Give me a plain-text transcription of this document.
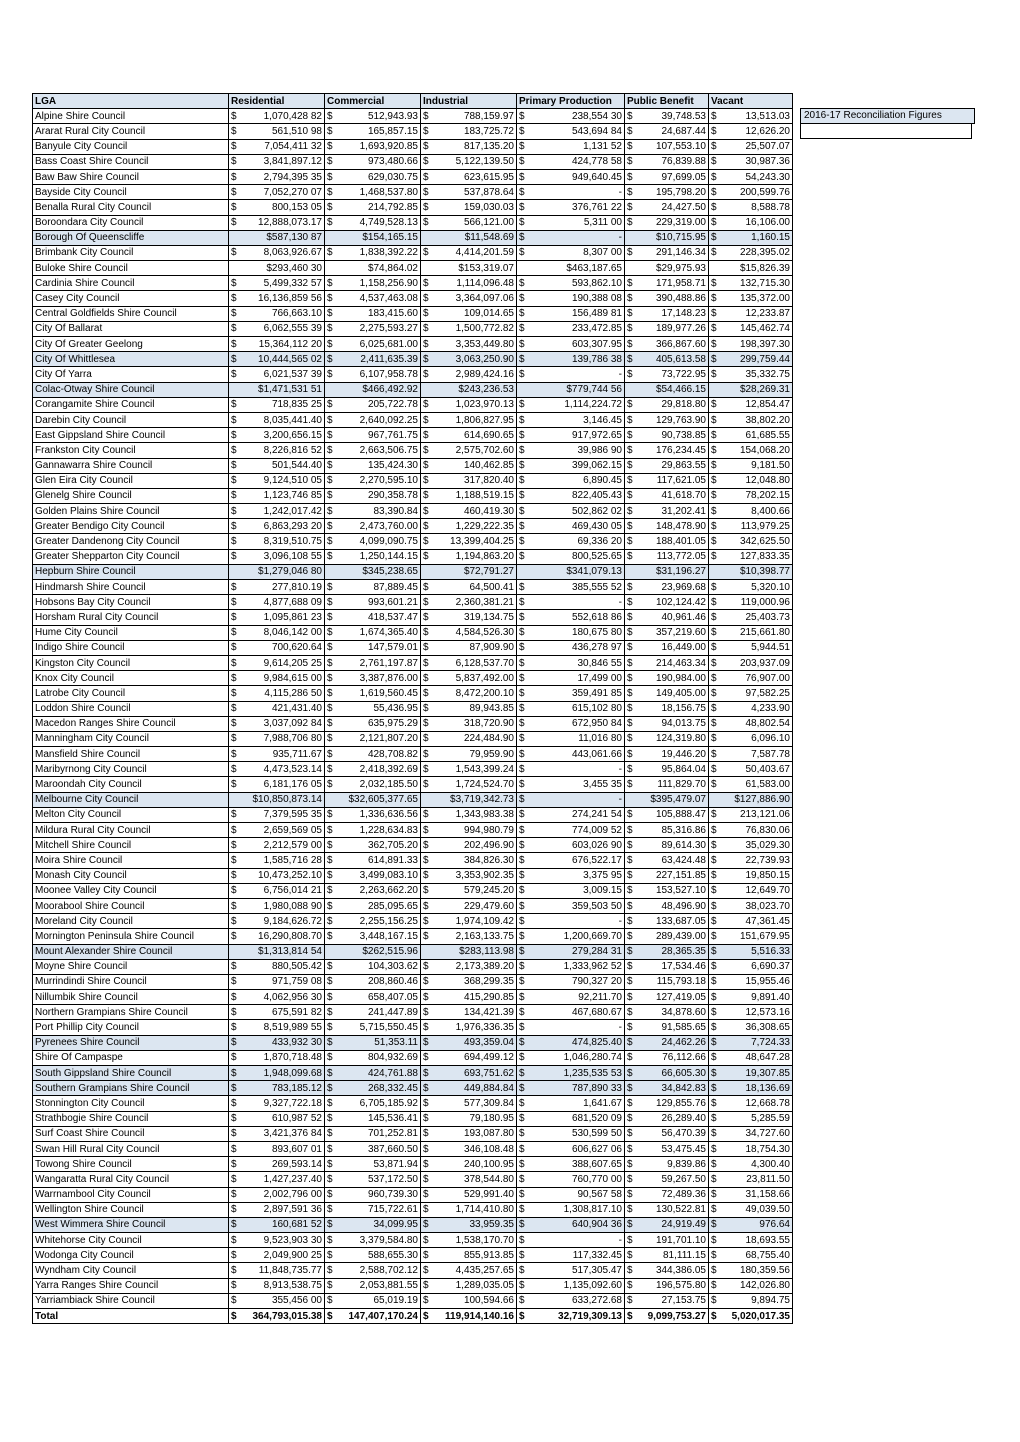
LGA	Residential	Commercial	Industrial	Primary Production	Public Benefit	Vacant
Alpine Shire Council	$ 1,070,428 82	$ 512,943.93	$ 788,159.97	$ 238,554 30	$ 39,748.53	$ 13,513.03

Ararat Rural City Council	$ 561,510 98	$ 165,857.15	$ 183,725.72	$ 543,694 84	$ 24,687.44	$ 12,626.20

Banyule City Council	$ 7,054,411 32	$ 1,693,920.85	$ 817,135.20	$ 1,131 52	$ 107,553.10	$ 25,507.07

Bass Coast Shire Council	$ 3,841,897.12	$ 973,480.66	$ 5,122,139.50	$ 424,778 58	$ 76,839.88	$ 30,987.36

Baw Baw Shire Council	$ 2,794,395 35	$ 629,030.75	$ 623,615.95	$ 949,640.45	$ 97,699.05	$ 54,243.30

Bayside City Council	$ 7,052,270 07	$ 1,468,537.80	$ 537,878.64	$ -	$ 195,798.20	$ 200,599.76

Benalla Rural City Council	$ 800,153 05	$ 214,792.85	$ 159,030.03	$ 376,761 22	$ 24,427.50	$ 8,588.78

Boroondara City Council	$ 12,888,073.17	$ 4,749,528.13	$ 566,121.00	$ 5,311 00	$ 229,319.00	$ 16,106.00

Borough Of Queenscliffe	$587,130 87	$154,165.15	$11,548.69	$ -	$10,715.95	$ 1,160.15

Brimbank City Council	$ 8,063,926.67	$ 1,838,392.22	$ 4,414,201.59	$ 8,307 00	$ 291,146.34	$ 228,395.02

Buloke Shire Council	$293,460 30	$74,864.02	$153,319.07	$463,187.65	$29,975.93	$15,826.39
Cardinia Shire Council	$ 5,499,332 57	$ 1,158,256.90	$ 1,114,096.48	$ 593,862.10	$ 171,958.71	$ 132,715.30

Casey City Council	$ 16,136,859 56	$ 4,537,463.08	$ 3,364,097.06	$ 190,388 08	$ 390,488.86	$ 135,372.00

Central Goldfields Shire Council	$ 766,663.10	$ 183,415.60	$ 109,014.65	$ 156,489 81	$ 17,148.23	$ 12,233.87

City Of Ballarat	$ 6,062,555 39	$ 2,275,593.27	$ 1,500,772.82	$ 233,472.85	$ 189,977.26	$ 145,462.74

City Of Greater Geelong	$ 15,364,112 20	$ 6,025,681.00	$ 3,353,449.80	$ 603,307.95	$ 366,867.60	$ 198,397.30

City Of Whittlesea	$ 10,444,565 02	$ 2,411,635.39	$ 3,063,250.90	$ 139,786 38	$ 405,613.58	$ 299,759.44

City Of Yarra	$ 6,021,537 39	$ 6,107,958.78	$ 2,989,424.16	$ -	$ 73,722.95	$ 35,332.75

Colac-Otway Shire Council	$1,471,531 51	$466,492.92	$243,236.53	$779,744 56	$54,466.15	$28,269.31
Corangamite Shire Council	$ 718,835 25	$ 205,722.78	$ 1,023,970.13	$ 1,114,224.72	$ 29,818.80	$ 12,854.47

Darebin City Council	$ 8,035,441.40	$ 2,640,092.25	$ 1,806,827.95	$ 3,146.45	$ 129,763.90	$ 38,802.20

East Gippsland Shire Council	$ 3,200,656.15	$ 967,761.75	$ 614,690.65	$ 917,972.65	$ 90,738.85	$ 61,685.55

Frankston City Council	$ 8,226,816 52	$ 2,663,506.75	$ 2,575,702.60	$ 39,986 90	$ 176,234.45	$ 154,068.20

Gannawarra Shire Council	$ 501,544.40	$ 135,424.30	$ 140,462.85	$ 399,062.15	$ 29,863.55	$ 9,181.50

Glen Eira City Council	$ 9,124,510 05	$ 2,270,595.10	$ 317,820.40	$ 6,890.45	$ 117,621.05	$ 12,048.80

Glenelg Shire Council	$ 1,123,746 85	$ 290,358.78	$ 1,188,519.15	$ 822,405.43	$ 41,618.70	$ 78,202.15

Golden Plains Shire Council	$ 1,242,017.42	$ 83,390.84	$ 460,419.30	$ 502,862 02	$ 31,202.41	$ 8,400.66

Greater Bendigo City Council	$ 6,863,293 20	$ 2,473,760.00	$ 1,229,222.35	$ 469,430 05	$ 148,478.90	$ 113,979.25

Greater Dandenong City Council	$ 8,319,510.75	$ 4,099,090.75	$ 13,399,404.25	$ 69,336 20	$ 188,401.05	$ 342,625.50

Greater Shepparton City Council	$ 3,096,108 55	$ 1,250,144.15	$ 1,194,863.20	$ 800,525.65	$ 113,772.05	$ 127,833.35

Hepburn Shire Council	$1,279,046 80	$345,238.65	$72,791.27	$341,079.13	$31,196.27	$10,398.77
Hindmarsh Shire Council	$ 277,810.19	$ 87,889.45	$ 64,500.41	$ 385,555 52	$ 23,969.68	$ 5,320.10

Hobsons Bay City Council	$ 4,877,688 09	$ 993,601.21	$ 2,360,381.21	$ -	$ 102,124.42	$ 119,000.96

Horsham Rural City Council	$ 1,095,861 23	$ 418,537.47	$ 319,134.75	$ 552,618 86	$ 40,961.46	$ 25,403.73

Hume City Council	$ 8,046,142 00	$ 1,674,365.40	$ 4,584,526.30	$ 180,675 80	$ 357,219.60	$ 215,661.80

Indigo Shire Council	$ 700,620.64	$ 147,579.01	$ 87,909.90	$ 436,278 97	$ 16,449.00	$ 5,944.51

Kingston City Council	$ 9,614,205 25	$ 2,761,197.87	$ 6,128,537.70	$ 30,846 55	$ 214,463.34	$ 203,937.09

Knox City Council	$ 9,984,615 00	$ 3,387,876.00	$ 5,837,492.00	$ 17,499 00	$ 190,984.00	$ 76,907.00

Latrobe City Council	$ 4,115,286 50	$ 1,619,560.45	$ 8,472,200.10	$ 359,491 85	$ 149,405.00	$ 97,582.25

Loddon Shire Council	$ 421,431.40	$ 55,436.95	$ 89,943.85	$ 615,102 80	$ 18,156.75	$ 4,233.90

Macedon Ranges Shire Council	$ 3,037,092 84	$ 635,975.29	$ 318,720.90	$ 672,950 84	$ 94,013.75	$ 48,802.54

Manningham City Council	$ 7,988,706 80	$ 2,121,807.20	$ 224,484.90	$ 11,016 80	$ 124,319.80	$ 6,096.10

Mansfield Shire Council	$ 935,711.67	$ 428,708.82	$ 79,959.90	$ 443,061.66	$ 19,446.20	$ 7,587.78

Maribyrnong City Council	$ 4,473,523.14	$ 2,418,392.69	$ 1,543,399.24	$ -	$ 95,864.04	$ 50,403.67

Maroondah City Council	$ 6,181,176 05	$ 2,032,185.50	$ 1,724,524.70	$ 3,455 35	$ 111,829.70	$ 61,583.00

Melbourne City Council	$10,850,873.14	$32,605,377.65	$3,719,342.73	$ -	$395,479.07	$127,886.90
Melton City Council	$ 7,379,595 35	$ 1,336,636.56	$ 1,343,983.38	$ 274,241 54	$ 105,888.47	$ 213,121.06

Mildura Rural City Council	$ 2,659,569 05	$ 1,228,634.83	$ 994,980.79	$ 774,009 52	$ 85,316.86	$ 76,830.06

Mitchell Shire Council	$ 2,212,579 00	$ 362,705.20	$ 202,496.90	$ 603,026 90	$ 89,614.30	$ 35,029.30

Moira Shire Council	$ 1,585,716 28	$ 614,891.33	$ 384,826.30	$ 676,522.17	$ 63,424.48	$ 22,739.93

Monash City Council	$ 10,473,252.10	$ 3,499,083.10	$ 3,353,902.35	$ 3,375 95	$ 227,151.85	$ 19,850.15

Moonee Valley City Council	$ 6,756,014 21	$ 2,263,662.20	$ 579,245.20	$ 3,009.15	$ 153,527.10	$ 12,649.70

Moorabool Shire Council	$ 1,980,088 90	$ 285,095.65	$ 229,479.60	$ 359,503 50	$ 48,496.90	$ 38,023.70

Moreland City Council	$ 9,184,626.72	$ 2,255,156.25	$ 1,974,109.42	$ -	$ 133,687.05	$ 47,361.45

Mornington Peninsula Shire Council	$ 16,290,808.70	$ 3,448,167.15	$ 2,163,133.75	$ 1,200,669.70	$ 289,439.00	$ 151,679.95

Mount Alexander Shire Council	$1,313,814 54	$262,515.96	$283,113.98	$ 279,284 31	$ 28,365.35	$ 5,516.33

Moyne Shire Council	$ 880,505.42	$ 104,303.62	$ 2,173,389.20	$ 1,333,962 52	$ 17,534.46	$ 6,690.37

Murrindindi Shire Council	$ 971,759 08	$ 208,860.46	$ 368,299.35	$ 790,327 20	$ 115,793.18	$ 15,955.46

Nillumbik Shire Council	$ 4,062,956 30	$ 658,407.05	$ 415,290.85	$ 92,211.70	$ 127,419.05	$ 9,891.40

Northern Grampians Shire Council	$ 675,591 82	$ 241,447.89	$ 134,421.39	$ 467,680.67	$ 34,878.60	$ 12,573.16

Port Phillip City Council	$ 8,519,989 55	$ 5,715,550.45	$ 1,976,336.35	$ -	$ 91,585.65	$ 36,308.65

Pyrenees Shire Council	$ 433,932 30	$ 51,353.11	$ 493,359.04	$ 474,825.40	$ 24,462.26	$ 7,724.33

Shire Of Campaspe	$ 1,870,718.48	$ 804,932.69	$ 694,499.12	$ 1,046,280.74	$ 76,112.66	$ 48,647.28

South Gippsland Shire Council	$ 1,948,099.68	$ 424,761.88	$ 693,751.62	$ 1,235,535 53	$ 66,605.30	$ 19,307.85

Southern Grampians Shire Council	$ 783,185.12	$ 268,332.45	$ 449,884.84	$ 787,890 33	$ 34,842.83	$ 18,136.69

Stonnington City Council	$ 9,327,722.18	$ 6,705,185.92	$ 577,309.84	$ 1,641.67	$ 129,855.76	$ 12,668.78

Strathbogie Shire Council	$ 610,987 52	$ 145,536.41	$ 79,180.95	$ 681,520 09	$ 26,289.40	$ 5,285.59

Surf Coast Shire Council	$ 3,421,376 84	$ 701,252.81	$ 193,087.80	$ 530,599 50	$ 56,470.39	$ 34,727.60

Swan Hill Rural City Council	$ 893,607 01	$ 387,660.50	$ 346,108.48	$ 606,627 06	$ 53,475.45	$ 18,754.30

Towong Shire Council	$ 269,593.14	$ 53,871.94	$ 240,100.95	$ 388,607.65	$ 9,839.86	$ 4,300.40

Wangaratta Rural City Council	$ 1,427,237.40	$ 537,172.50	$ 378,544.80	$ 760,770 00	$ 59,267.50	$ 23,811.50

Warrnambool City Council	$ 2,002,796 00	$ 960,739.30	$ 529,991.40	$ 90,567 58	$ 72,489.36	$ 31,158.66

Wellington Shire Council	$ 2,897,591 36	$ 715,722.61	$ 1,714,410.80	$ 1,308,817.10	$ 130,522.81	$ 49,039.50

West Wimmera Shire Council	$ 160,681 52	$ 34,099.95	$ 33,959.35	$ 640,904 36	$ 24,919.49	$ 976.64

Whitehorse City Council	$ 9,523,903 30	$ 3,379,584.80	$ 1,538,170.70	$ -	$ 191,701.10	$ 18,693.55

Wodonga City Council	$ 2,049,900 25	$ 588,655.30	$ 855,913.85	$ 117,332.45	$ 81,111.15	$ 68,755.40

Wyndham City Council	$ 11,848,735.77	$ 2,588,702.12	$ 4,435,257.65	$ 517,305.47	$ 344,386.05	$ 180,359.56

Yarra Ranges Shire Council	$ 8,913,538.75	$ 2,053,881.55	$ 1,289,035.05	$ 1,135,092.60	$ 196,575.80	$ 142,026.80

Yarriambiack Shire Council	$ 355,456 00	$ 65,019.19	$ 100,594.66	$ 633,272.68	$ 27,153.75	$ 9,894.75

Total	$ 364,793,015.38	$ 147,407,170.24	$ 119,914,140.16	$ 32,719,309.13	$ 9,099,753.27	$ 5,020,017.35
2016-17 Reconciliation Figures
